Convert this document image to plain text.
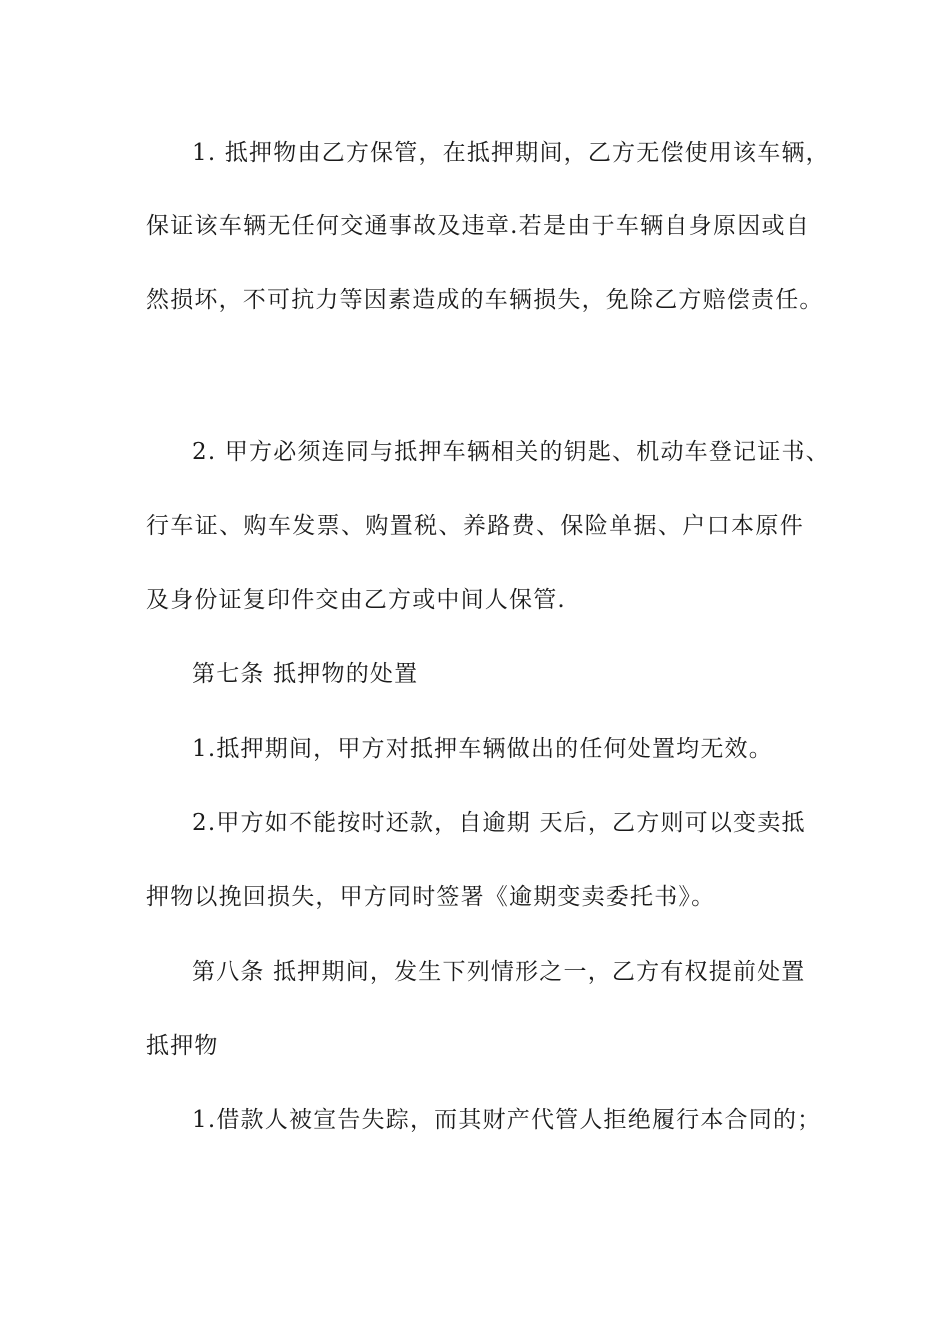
1. 抵押物由乙方保管，在抵押期间，乙方无偿使用该车辆，
保证该车辆无任何交通事故及违章.若是由于车辆自身原因或自
然损坏，不可抗力等因素造成的车辆损失，免除乙方赔偿责任。
2. 甲方必须连同与抵押车辆相关的钥匙、机动车登记证书、
行车证、购车发票、购置税、养路费、保险单据、户口本原件
及身份证复印件交由乙方或中间人保管.
第七条 抵押物的处置
1.抵押期间，甲方对抵押车辆做出的任何处置均无效。
2.甲方如不能按时还款，自逾期 天后，乙方则可以变卖抵
押物以挽回损失，甲方同时签署《逾期变卖委托书》。
第八条 抵押期间，发生下列情形之一，乙方有权提前处置
抵押物
1.借款人被宣告失踪，而其财产代管人拒绝履行本合同的；
